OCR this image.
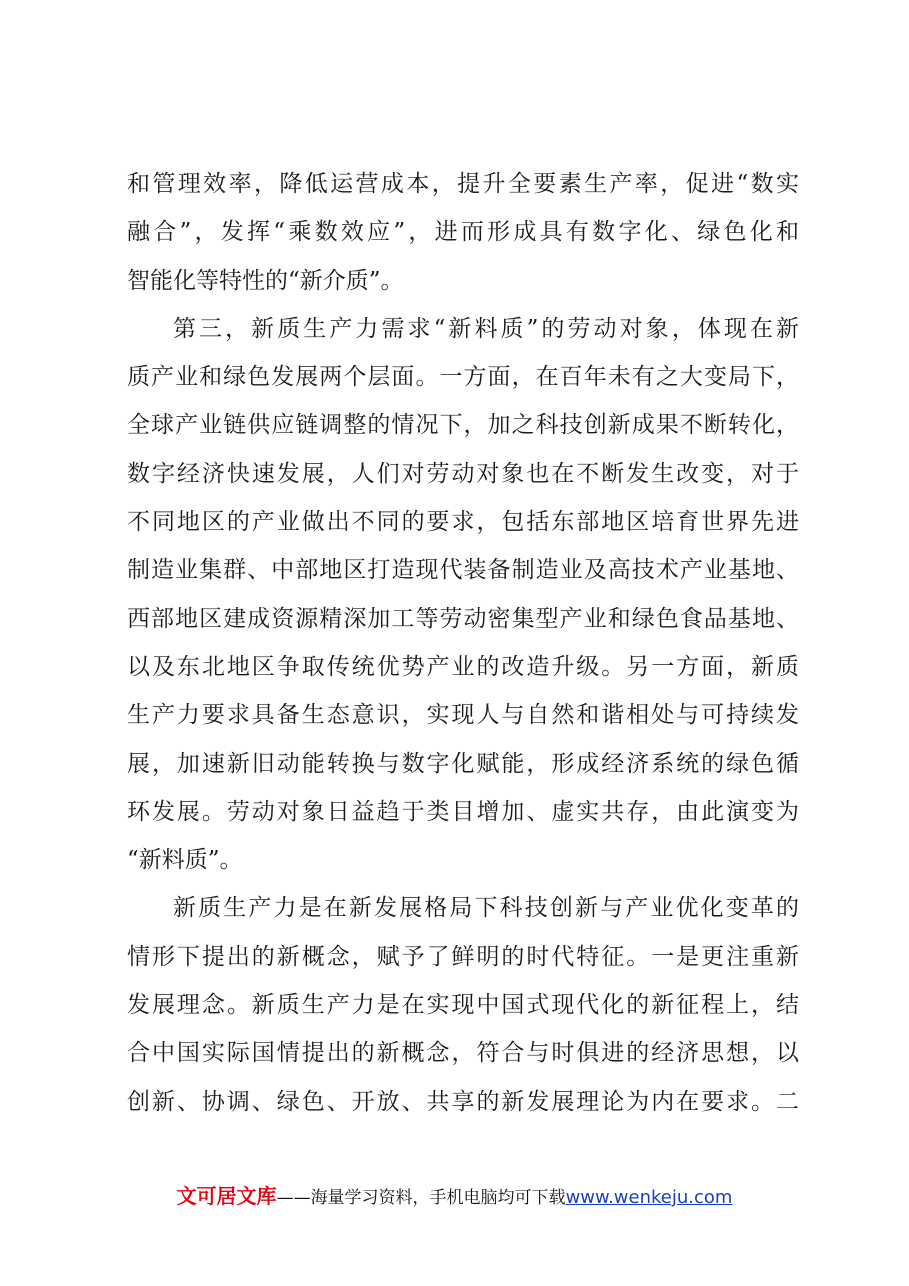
和管理效率，降低运营成本，提升全要素生产率，促进“数实
融合”，发挥“乘数效应”，进而形成具有数字化、绿色化和
智能化等特性的“新介质”。
第三，新质生产力需求“新料质”的劳动对象，体现在新
质产业和绿色发展两个层面。一方面，在百年未有之大变局下，
全球产业链供应链调整的情况下，加之科技创新成果不断转化，
数字经济快速发展，人们对劳动对象也在不断发生改变，对于
不同地区的产业做出不同的要求，包括东部地区培育世界先进
制造业集群、中部地区打造现代装备制造业及高技术产业基地、
西部地区建成资源精深加工等劳动密集型产业和绿色食品基地、
以及东北地区争取传统优势产业的改造升级。另一方面，新质
生产力要求具备生态意识，实现人与自然和谐相处与可持续发
展，加速新旧动能转换与数字化赋能，形成经济系统的绿色循
环发展。劳动对象日益趋于类目增加、虚实共存，由此演变为
“新料质”。
新质生产力是在新发展格局下科技创新与产业优化变革的
情形下提出的新概念，赋予了鲜明的时代特征。一是更注重新
发展理念。新质生产力是在实现中国式现代化的新征程上，结
合中国实际国情提出的新概念，符合与时俱进的经济思想，以
创新、协调、绿色、开放、共享的新发展理论为内在要求。二
文可居文库——海量学习资料，手机电脑均可下载www.wenkeju.com
